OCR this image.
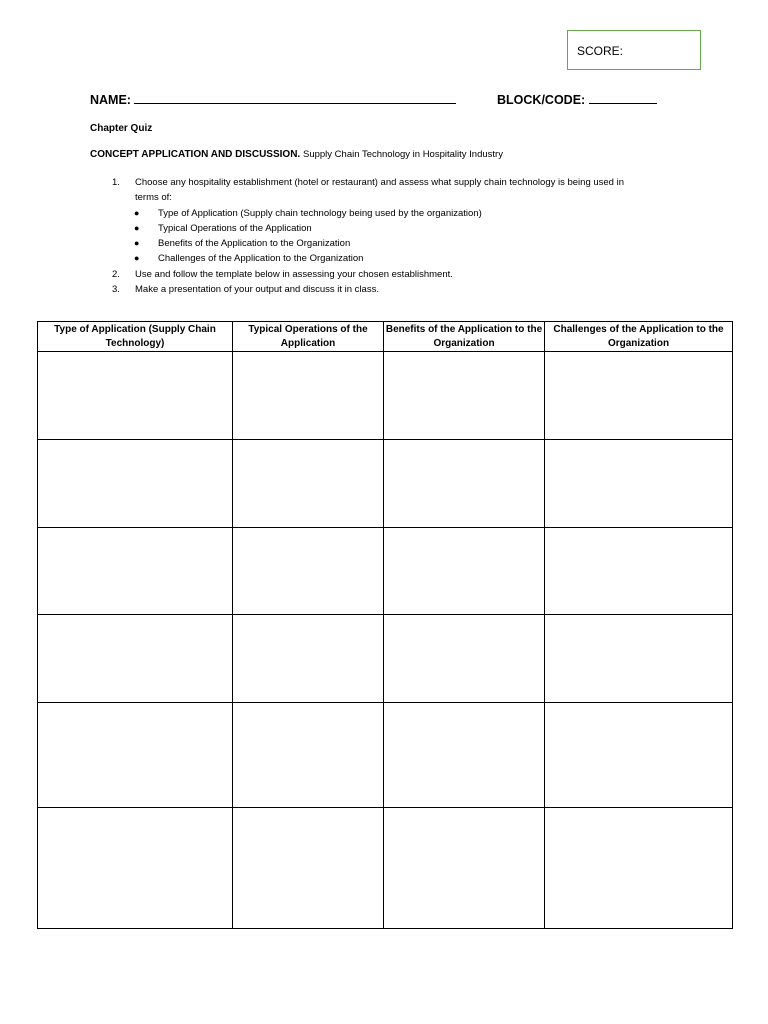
SCORE:
NAME:	BLOCK/CODE:
Chapter Quiz
CONCEPT APPLICATION AND DISCUSSION. Supply Chain Technology in Hospitality Industry
1. Choose any hospitality establishment (hotel or restaurant) and assess what supply chain technology is being used in
terms of:
● Type of Application (Supply chain technology being used by the organization)
● Typical Operations of the Application
● Benefits of the Application to the Organization
● Challenges of the Application to the Organization
2. Use and follow the template below in assessing your chosen establishment.
3. Make a presentation of your output and discuss it in class.
Type of Application (Supply Chain Technology)	Typical Operations of the Application	Benefits of the Application to the Organization	Challenges of the Application to the Organization
